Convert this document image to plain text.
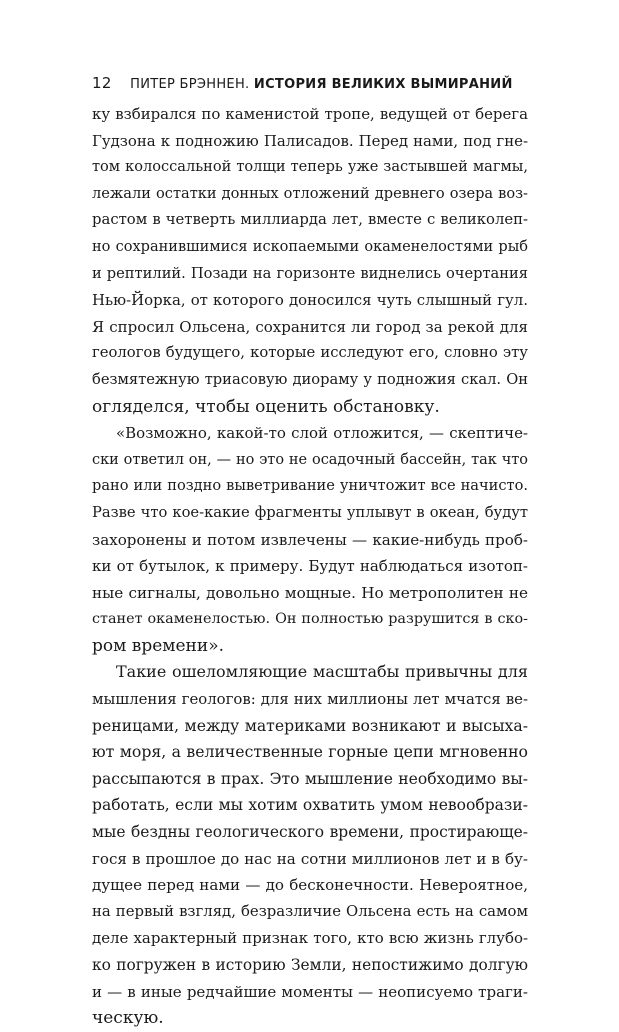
12 ПИТЕР БРЭННЕН. ИСТОРИЯ ВЕЛИКИХ ВЫМИРАНИЙ
ку взбирался по каменистой тропе, ведущей от берега
Гудзона к подножию Палисадов. Перед нами, под гне-
том колоссальной толщи теперь уже застывшей магмы,
лежали остатки донных отложений древнего озера воз-
растом в четверть миллиарда лет, вместе с великолеп-
но сохранившимися ископаемыми окаменелостями рыб
и рептилий. Позади на горизонте виднелись очертания
Нью-Йорка, от которого доносился чуть слышный гул.
Я спросил Ольсена, сохранится ли город за рекой для
геологов будущего, которые исследуют его, словно эту
безмятежную триасовую диораму у подножия скал. Он
огляделся, чтобы оценить обстановку.
«Возможно, какой-то слой отложится, — скептиче-
ски ответил он, — но это не осадочный бассейн, так что
рано или поздно выветривание уничтожит все начисто.
Разве что кое-какие фрагменты уплывут в океан, будут
захоронены и потом извлечены — какие-нибудь проб-
ки от бутылок, к примеру. Будут наблюдаться изотоп-
ные сигналы, довольно мощные. Но метрополитен не
станет окаменелостью. Он полностью разрушится в ско-
ром времени».
Такие ошеломляющие масштабы привычны для
мышления геологов: для них миллионы лет мчатся ве-
реницами, между материками возникают и высыха-
ют моря, а величественные горные цепи мгновенно
рассыпаются в прах. Это мышление необходимо вы-
работать, если мы хотим охватить умом невообрази-
мые бездны геологического времени, простирающе-
гося в прошлое до нас на сотни миллионов лет и в бу-
дущее перед нами — до бесконечности. Невероятное,
на первый взгляд, безразличие Ольсена есть на самом
деле характерный признак того, кто всю жизнь глубо-
ко погружен в историю Земли, непостижимо долгую
и — в иные редчайшие моменты — неописуемо траги-
ческую.
